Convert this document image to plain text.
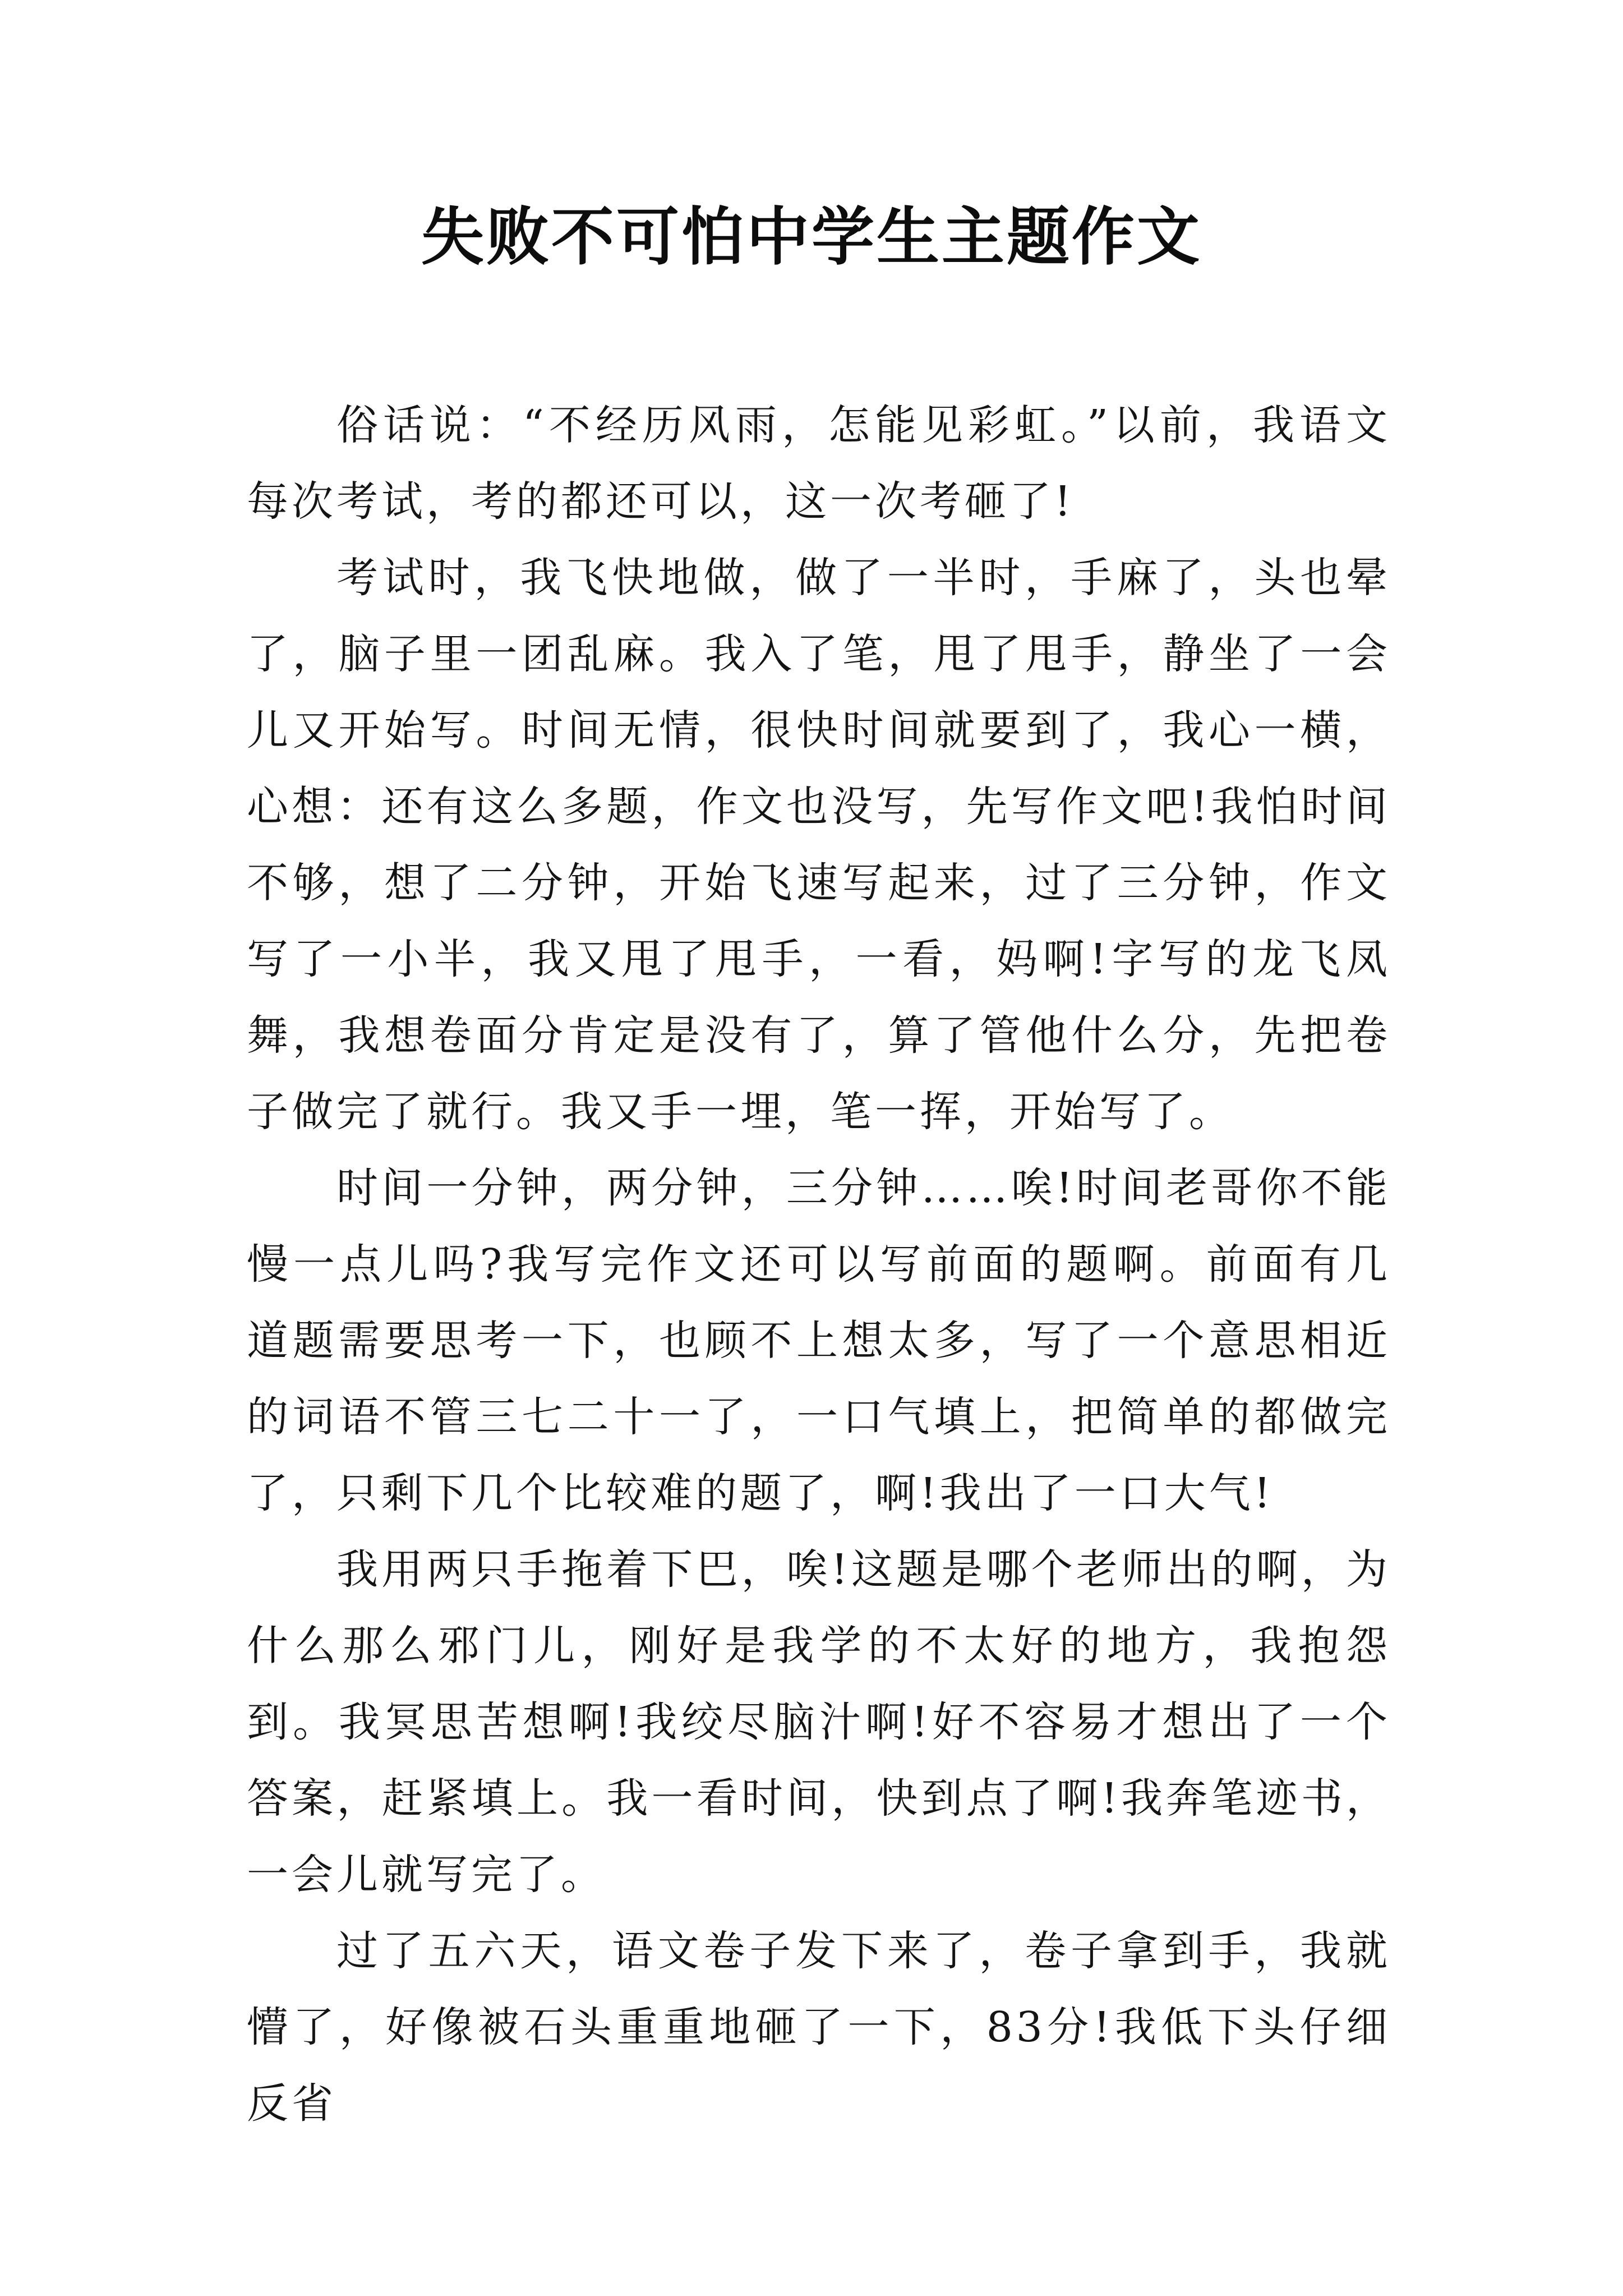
失败不可怕中学生主题作文

俗话说：“不经历风雨，怎能见彩虹。”以前，我语文每次考试，考的都还可以，这一次考砸了!

考试时，我飞快地做，做了一半时，手麻了，头也晕了，脑子里一团乱麻。我入了笔，甩了甩手，静坐了一会儿又开始写。时间无情，很快时间就要到了，我心一横，心想：还有这么多题，作文也没写，先写作文吧!我怕时间不够，想了二分钟，开始飞速写起来，过了三分钟，作文写了一小半，我又甩了甩手，一看，妈啊!字写的龙飞凤舞，我想卷面分肯定是没有了，算了管他什么分，先把卷子做完了就行。我又手一埋，笔一挥，开始写了。

时间一分钟，两分钟，三分钟……唉!时间老哥你不能慢一点儿吗?我写完作文还可以写前面的题啊。前面有几道题需要思考一下，也顾不上想太多，写了一个意思相近的词语不管三七二十一了，一口气填上，把简单的都做完了，只剩下几个比较难的题了，啊!我出了一口大气!

我用两只手拖着下巴，唉!这题是哪个老师出的啊，为什么那么邪门儿，刚好是我学的不太好的地方，我抱怨到。我冥思苦想啊!我绞尽脑汁啊!好不容易才想出了一个答案，赶紧填上。我一看时间，快到点了啊!我奔笔迹书，一会儿就写完了。

过了五六天，语文卷子发下来了，卷子拿到手，我就懵了，好像被石头重重地砸了一下，83分!我低下头仔细反省
